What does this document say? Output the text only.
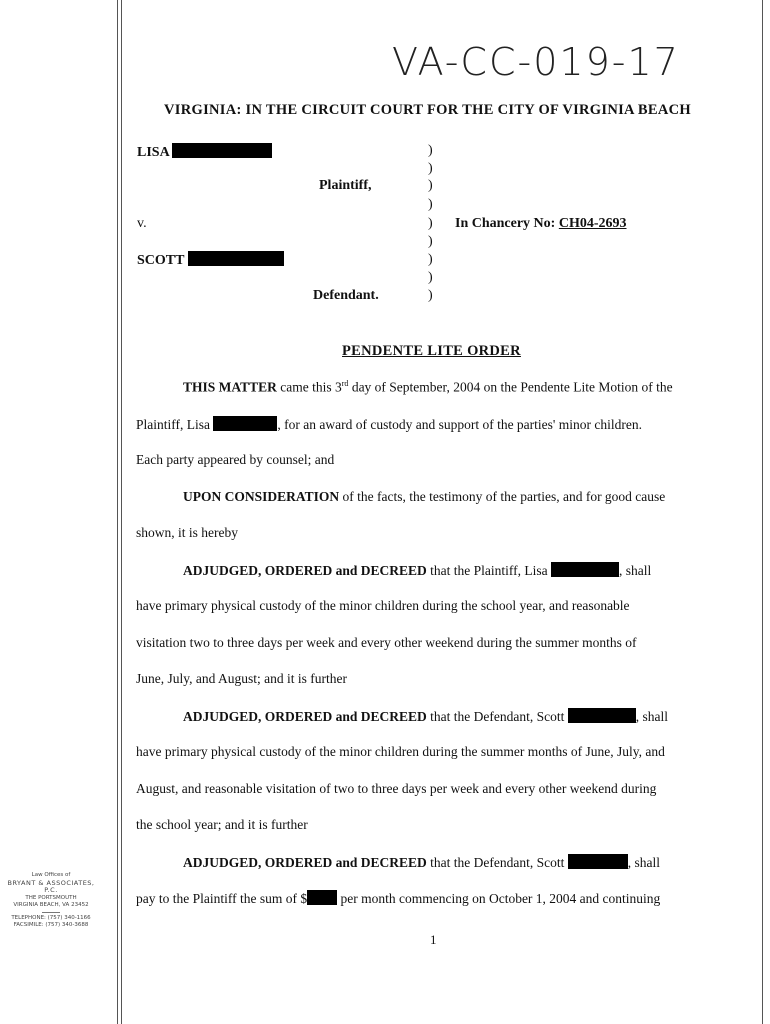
VA-CC-019-17
VIRGINIA: IN THE CIRCUIT COURT FOR THE CITY OF VIRGINIA BEACH
LISA
Plaintiff,
v.
SCOTT
Defendant.
)
)
)
)
)
)
)
)
)
In Chancery No: CH04-2693
PENDENTE LITE ORDER
THIS MATTER came this 3rd day of September, 2004 on the Pendente Lite Motion of the
Plaintiff, Lisa	, for an award of custody and support of the parties' minor children.
Each party appeared by counsel; and
UPON CONSIDERATION of the facts, the testimony of the parties, and for good cause
shown, it is hereby
ADJUDGED, ORDERED and DECREED that the Plaintiff, Lisa	, shall
have primary physical custody of the minor children during the school year, and reasonable
visitation two to three days per week and every other weekend during the summer months of
June, July, and August; and it is further
ADJUDGED, ORDERED and DECREED that the Defendant, Scott	, shall
have primary physical custody of the minor children during the summer months of June, July, and
August, and reasonable visitation of two to three days per week and every other weekend during
the school year; and it is further
ADJUDGED, ORDERED and DECREED that the Defendant, Scott	, shall
pay to the Plaintiff the sum of $ per month commencing on October 1, 2004 and continuing
1
Law Offices of
BRYANT & ASSOCIATES, P.C.
THE PORTSMOUTH
VIRGINIA BEACH, VA 23452
TELEPHONE: (757) 340-1166
FACSIMILE: (757) 340-3688
